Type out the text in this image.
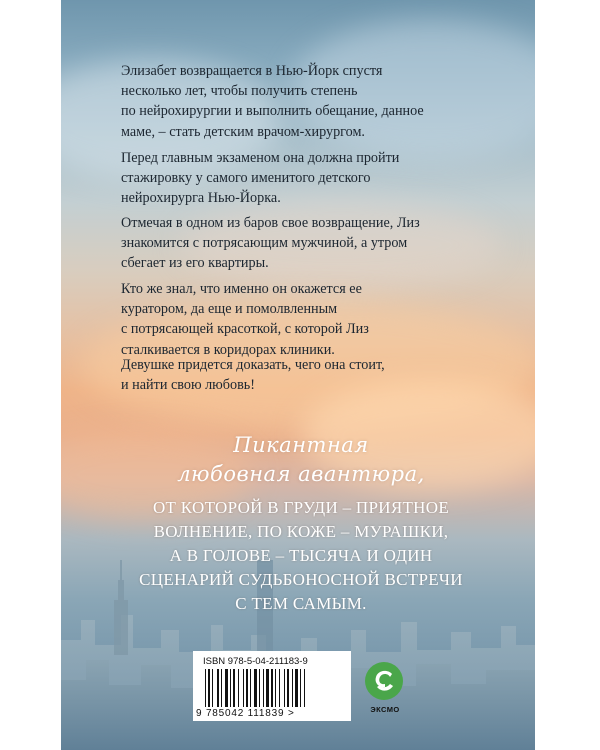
Элизабет возвращается в Нью-Йорк спустя
несколько лет, чтобы получить степень
по нейрохирургии и выполнить обещание, данное
маме, – стать детским врачом-хирургом.
Перед главным экзаменом она должна пройти
стажировку у самого именитого детского
нейрохирурга Нью-Йорка.
Отмечая в одном из баров свое возвращение, Лиз
знакомится с потрясающим мужчиной, а утром
сбегает из его квартиры.
Кто же знал, что именно он окажется ее
куратором, да еще и помолвленным
с потрясающей красоткой, с которой Лиз
сталкивается в коридорах клиники.
Девушке придется доказать, чего она стоит,
и найти свою любовь!
Пикантная
любовная авантюра,
ОТ КОТОРОЙ В ГРУДИ – ПРИЯТНОЕ
ВОЛНЕНИЕ, ПО КОЖЕ – МУРАШКИ,
А В ГОЛОВЕ – ТЫСЯЧА И ОДИН
СЦЕНАРИЙ СУДЬБОНОСНОЙ ВСТРЕЧИ
С ТЕМ САМЫМ.
ISBN 978-5-04-211183-9
9 785042 111839 >	ЭКСМО
